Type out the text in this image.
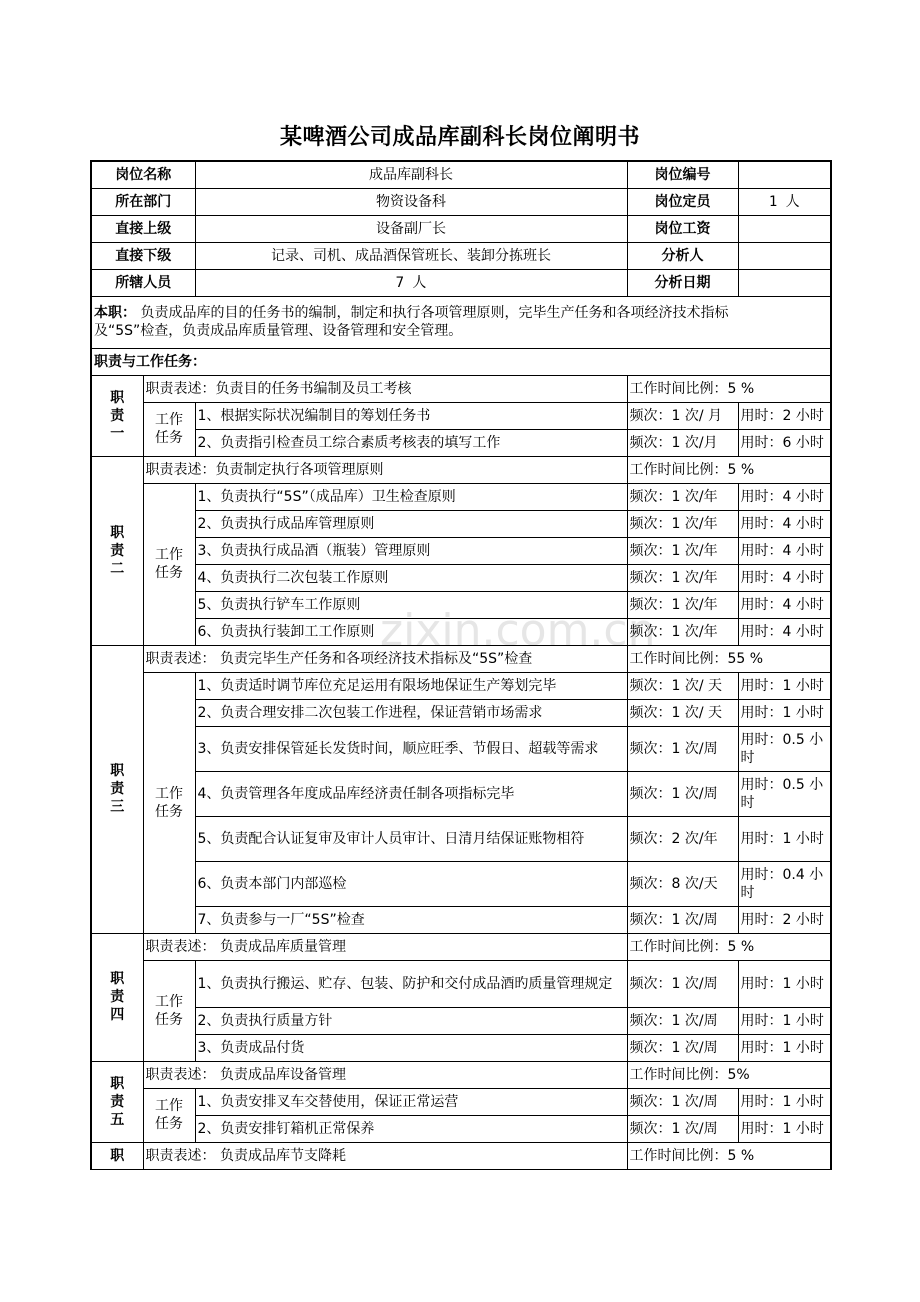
某啤酒公司成品库副科长岗位阐明书
zixin.com.cn
岗位名称		成品库副科长	岗位编号	
所在部门		物资设备科	岗位定员	1 人
直接上级		设备副厂长	岗位工资	
直接下级		记录、司机、成品酒保管班长、装卸分拣班长	分析人	
所辖人员		7 人	分析日期	
本职： 负责成品库的目的任务书的编制，制定和执行各项管理原则，完毕生产任务和各项经济技术指标
及“5S”检查，负责成品库质量管理、设备管理和安全管理。				
职责与工作任务：				
职
责
一	职责表述：负责目的任务书编制及员工考核		工作时间比例：5 %	
	工作
任务	1、根据实际状况编制目的筹划任务书	频次：1 次/ 月	用时：2 小时
		2、负责指引检查员工综合素质考核表的填写工作	频次：1 次/月	用时：6 小时
职
责
二	职责表述：负责制定执行各项管理原则		工作时间比例：5 %	
	工作
任务	1、负责执行“5S”（成品库）卫生检查原则	频次：1 次/年	用时：4 小时
		2、负责执行成品库管理原则	频次：1 次/年	用时：4 小时
		3、负责执行成品酒（瓶装）管理原则	频次：1 次/年	用时：4 小时
		4、负责执行二次包装工作原则	频次：1 次/年	用时：4 小时
		5、负责执行铲车工作原则	频次：1 次/年	用时：4 小时
		6、负责执行装卸工工作原则	频次：1 次/年	用时：4 小时
职
责
三	职责表述： 负责完毕生产任务和各项经济技术指标及“5S”检查		工作时间比例：55 %	
	工作
任务	1、负责适时调节库位充足运用有限场地保证生产筹划完毕	频次：1 次/ 天	用时：1 小时
		2、负责合理安排二次包装工作进程，保证营销市场需求	频次：1 次/ 天	用时：1 小时
		3、负责安排保管延长发货时间，顺应旺季、节假日、超载等需求	频次：1 次/周	用时：0.5 小时
		4、负责管理各年度成品库经济责任制各项指标完毕	频次：1 次/周	用时：0.5 小时
		5、负责配合认证复审及审计人员审计、日清月结保证账物相符	频次：2 次/年	用时：1 小时
		6、负责本部门内部巡检	频次：8 次/天	用时：0.4 小时
		7、负责参与一厂“5S”检查	频次：1 次/周	用时：2 小时
职
责
四	职责表述： 负责成品库质量管理		工作时间比例：5 %	
	工作
任务	1、负责执行搬运、贮存、包装、防护和交付成品酒旳质量管理规定	频次：1 次/周	用时：1 小时
		2、负责执行质量方针	频次：1 次/周	用时：1 小时
		3、负责成品付货	频次：1 次/周	用时：1 小时
职
责
五	职责表述： 负责成品库设备管理		工作时间比例：5%	
	工作
任务	1、负责安排叉车交替使用，保证正常运营	频次：1 次/周	用时：1 小时
		2、负责安排钉箱机正常保养	频次：1 次/周	用时：1 小时
职	职责表述： 负责成品库节支降耗		工作时间比例：5 %	
